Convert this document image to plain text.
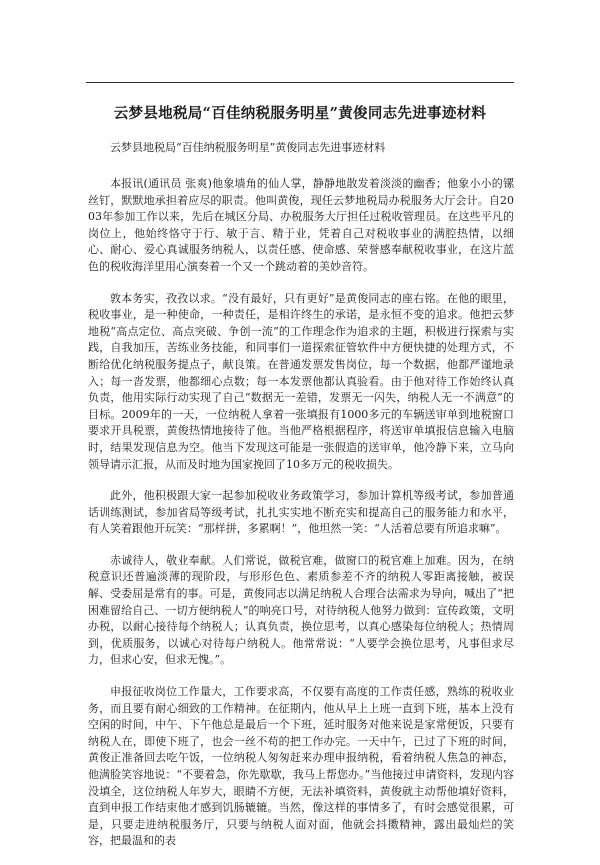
云梦县地税局“百佳纳税服务明星”黄俊同志先进事迹材料
云梦县地税局“百佳纳税服务明星”黄俊同志先进事迹材料

本报讯(通讯员 张爽)他象墙角的仙人掌，静静地散发着淡淡的幽香；他象小小的镙丝钉，默默地承担着应尽的职责。他叫黄俊，现任云梦地税局办税服务大厅会计。自2003年参加工作以来，先后在城区分局、办税服务大厅担任过税收管理员。在这些平凡的岗位上，他始终恪守于行、敏于言、精于业，凭着自己对税收事业的满腔热情，以细心、耐心、爱心真诚服务纳税人，以责任感、使命感、荣誉感奉献税收事业，在这片蓝色的税收海洋里用心演奏着一个又一个跳动着的美妙音符。

敦本务实，孜孜以求。“没有最好，只有更好”是黄俊同志的座右铭。在他的眼里，税收事业，是一种使命，一种责任，是相许终生的承诺，是永恒不变的追求。他把云梦地税“高点定位、高点突破、争创一流”的工作理念作为追求的主题，积极进行探索与实践，自我加压，苦练业务技能，和同事们一道探索征管软件中方便快捷的处理方式，不断给优化纳税服务提点子，献良策。在普通发票发售岗位，每一个数据，他都严谨地录入；每一沓发票，他都细心点数；每一本发票他都认真验看。由于他对待工作始终认真负责，他用实际行动实现了自己“数据无一差错，发票无一闪失，纳税人无一不满意”的目标。2009年的一天，一位纳税人拿着一张填报有1000多元的车辆送审单到地税窗口要求开具税票，黄俊热情地接待了他。当他严格根据程序，将送审单填报信息输入电脑时，结果发现信息为空。他当下发现这可能是一张假造的送审单，他冷静下来，立马向领导请示汇报，从而及时地为国家挽回了10多万元的税收损失。

此外，他积极跟大家一起参加税收业务政策学习，参加计算机等级考试，参加普通话训练测试，参加省局等级考试，扎扎实实地不断充实和提高自己的服务能力和水平，有人笑着跟他开玩笑：“那样拼，多累啊！”，他坦然一笑：“人活着总要有所追求嘛”。

赤诚待人，敬业奉献。人们常说，做税官难，做窗口的税官难上加难。因为，在纳税意识还普遍淡薄的现阶段，与形形色色、素质参差不齐的纳税人零距离接触，被误解、受委屈是常有的事。可是，黄俊同志以满足纳税人合理合法需求为导向，喊出了“把困难留给自己、一切方便纳税人”的响亮口号，对待纳税人他努力做到：宣传政策，文明办税，以耐心接待每个纳税人；认真负责，换位思考，以真心感染每位纳税人；热情周到，优质服务，以诚心对待每户纳税人。他常常说：“人要学会换位思考，凡事但求尽力，但求心安，但求无愧。”。

申报征收岗位工作量大，工作要求高，不仅要有高度的工作责任感，熟练的税收业务，而且要有耐心细致的工作精神。在征期内，他从早上上班一直到下班，基本上没有空闲的时间，中午、下午他总是最后一个下班，延时服务对他来说是家常便饭，只要有纳税人在，即使下班了，也会一丝不苟的把工作办完。一天中午，已过了下班的时间，黄俊正准备回去吃午饭，一位纳税人匆匆赶来办理申报纳税，看着纳税人焦急的神态，他满脸笑容地说：“不要着急，你先歇歇，我马上帮您办。”当他接过申请资料，发现内容没填全，这位纳税人年岁大，眼睛不方便，无法补填资料，黄俊就主动帮他填好资料，直到申报工作结束他才感到饥肠辘辘。当然，像这样的事情多了，有时会感觉很累，可是，只要走进纳税服务厅，只要与纳税人面对面，他就会抖擞精神，露出最灿烂的笑容，把最温和的表
